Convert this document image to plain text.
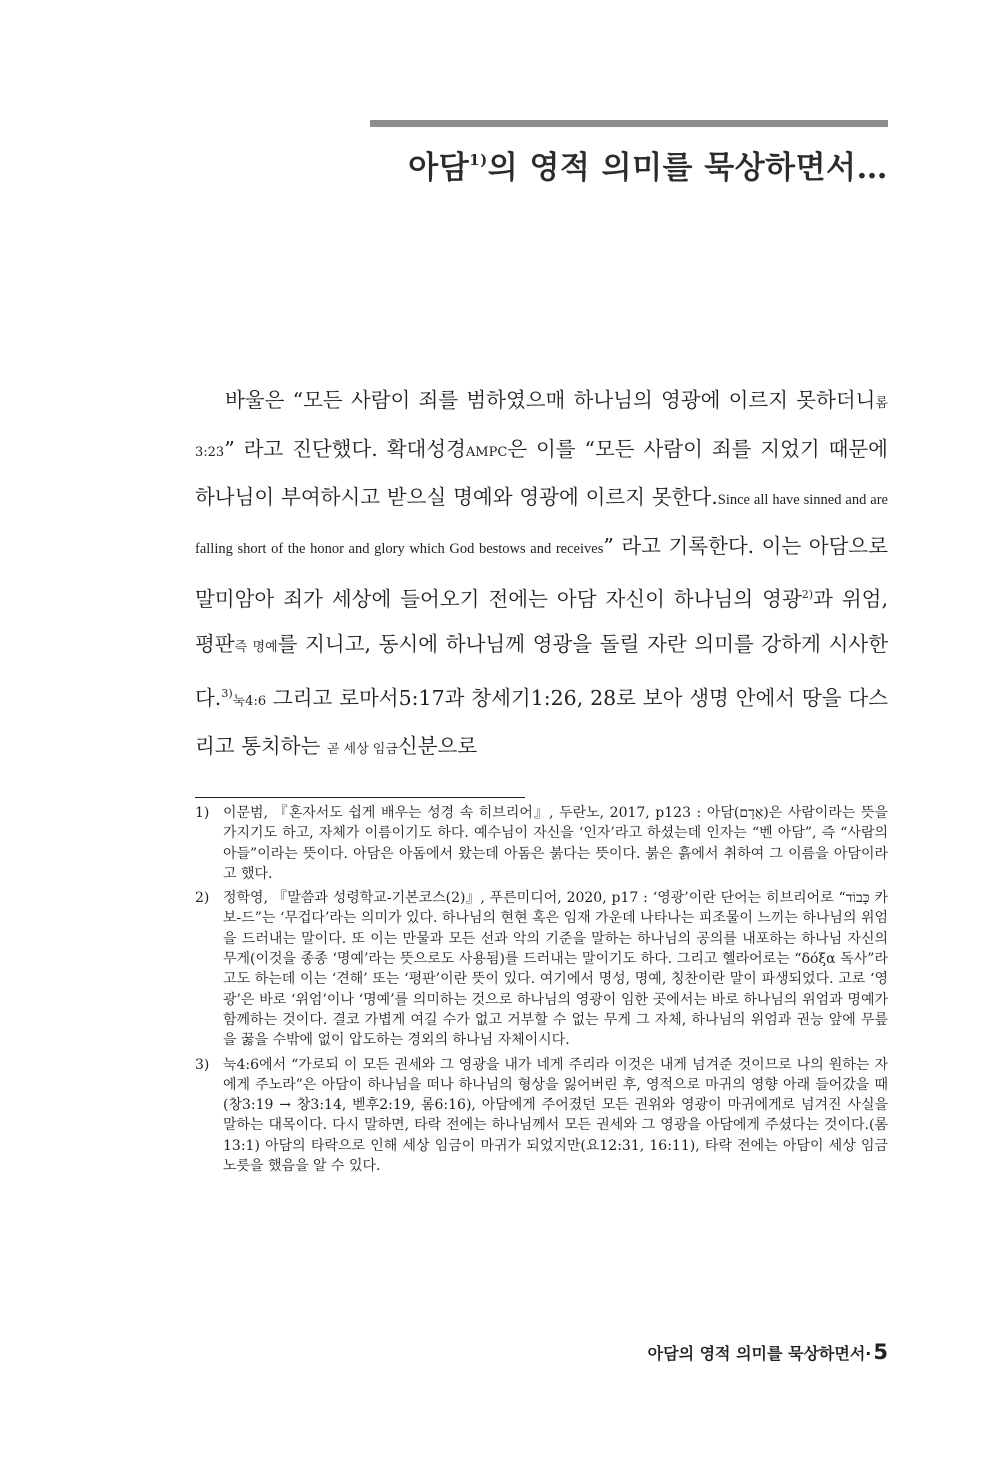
아담$^{1)}$의 영적 의미를 묵상하면서…

바울은 “모든 사람이 죄를 범하였으매 하나님의 영광에 이르지 못하더니롬3:23” 라고 진단했다. 확대성경AMPC은 이를 “모든 사람이 죄를 지었기 때문에 하나님이 부여하시고 받으실 명예와 영광에 이르지 못한다.Since all have sinned and are falling short of the honor and glory which God bestows and receives” 라고 기록한다. 이는 아담으로 말미암아 죄가 세상에 들어오기 전에는 아담 자신이 하나님의 영광$^{2)}$과 위엄, 평판즉 명예를 지니고, 동시에 하나님께 영광을 돌릴 자란 의미를 강하게 시사한다.$^{3)}$눅4:6 그리고 로마서5:17과 창세기1:26, 28로 보아 생명 안에서 땅을 다스리고 통치하는 곧 세상 임금신분으로

1) 이문범, 『혼자서도 쉽게 배우는 성경 속 히브리어』, 두란노, 2017, p123 : 아담(אָדָם)은 사람이라는 뜻을 가지기도 하고, 자체가 이름이기도 하다. 예수님이 자신을 ‘인자’라고 하셨는데 인자는 “벤 아담”, 즉 “사람의 아들”이라는 뜻이다. 아담은 아돔에서 왔는데 아돔은 붉다는 뜻이다. 붉은 흙에서 취하여 그 이름을 아담이라고 했다.
2) 정학영, 『말씀과 성령학교-기본코스(2)』, 푸른미디어, 2020, p17 : ‘영광’이란 단어는 히브리어로 “כָּבוֹד 카보-드”는 ‘무겁다’라는 의미가 있다. 하나님의 현현 혹은 임재 가운데 나타나는 피조물이 느끼는 하나님의 위엄을 드러내는 말이다. 또 이는 만물과 모든 선과 악의 기준을 말하는 하나님의 공의를 내포하는 하나님 자신의 무게(이것을 종종 ‘명예’라는 뜻으로도 사용됨)를 드러내는 말이기도 하다. 그리고 헬라어로는 “δόξα 독사”라고도 하는데 이는 ‘견해’ 또는 ‘평판’이란 뜻이 있다. 여기에서 명성, 명예, 칭찬이란 말이 파생되었다. 고로 ‘영광’은 바로 ‘위엄’이나 ‘명예’를 의미하는 것으로 하나님의 영광이 임한 곳에서는 바로 하나님의 위엄과 명예가 함께하는 것이다. 결코 가볍게 여길 수가 없고 거부할 수 없는 무게 그 자체, 하나님의 위엄과 권능 앞에 무릎을 꿇을 수밖에 없이 압도하는 경외의 하나님 자체이시다.
3) 눅4:6에서 “가로되 이 모든 권세와 그 영광을 내가 네게 주리라 이것은 내게 넘겨준 것이므로 나의 원하는 자에게 주노라”은 아담이 하나님을 떠나 하나님의 형상을 잃어버린 후, 영적으로 마귀의 영향 아래 들어갔을 때(창3:19 → 창3:14, 벧후2:19, 롬6:16), 아담에게 주어졌던 모든 권위와 영광이 마귀에게로 넘겨진 사실을 말하는 대목이다. 다시 말하면, 타락 전에는 하나님께서 모든 권세와 그 영광을 아담에게 주셨다는 것이다.(롬13:1) 아담의 타락으로 인해 세상 임금이 마귀가 되었지만(요12:31, 16:11), 타락 전에는 아담이 세상 임금 노릇을 했음을 알 수 있다.
아담의 영적 의미를 묵상하면서·5
